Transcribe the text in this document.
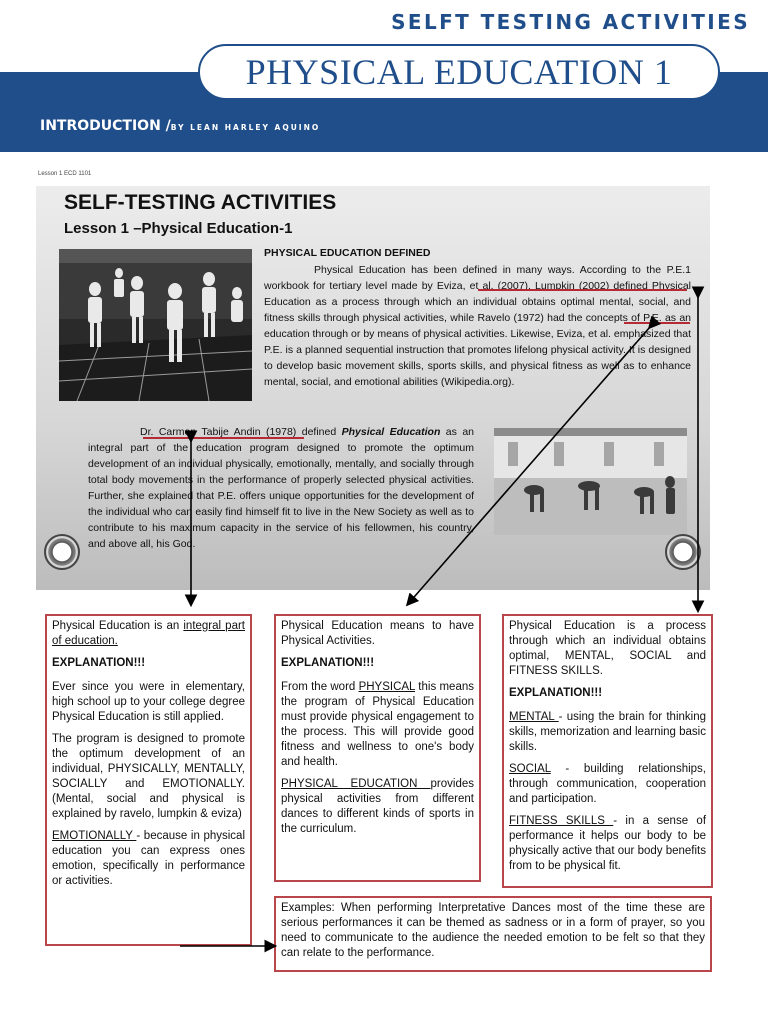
SELFT TESTING ACTIVITIES
PHYSICAL EDUCATION 1
INTRODUCTION /BY LEAN HARLEY AQUINO
Lesson 1 ECD 1101
SELF-TESTING ACTIVITIES
Lesson 1 –Physical Education-1
PHYSICAL EDUCATION DEFINED
Physical Education has been defined in many ways. According to the P.E.1 workbook for tertiary level made by Eviza, et al. (2007). Lumpkin (2002) defined Physical Education as a process through which an individual obtains optimal mental, social, and fitness skills through physical activities, while Ravelo (1972) had the concepts of P.E. as an education through or by means of physical activities. Likewise, Eviza, et al. emphasized that P.E. is a planned sequential instruction that promotes lifelong physical activity. It is designed to develop basic movement skills, sports skills, and physical fitness as well as to enhance mental, social, and emotional abilities (Wikipedia.org).
Dr. Carmen Tabije Andin (1978) defined Physical Education as an integral part of the education program designed to promote the optimum development of an individual physically, emotionally, mentally, and socially through total body movements in the performance of properly selected physical activities. Further, she explained that P.E. offers unique opportunities for the development of the individual who can easily find himself fit to live in the New Society as well as to contribute to his maximum capacity in the service of his fellowmen, his country, and above all, his God.

Physical Education is an integral part of education.

EXPLANATION!!!

Ever since you were in elementary, high school up to your college degree Physical Education is still applied.

The program is designed to promote the optimum development of an individual, PHYSICALLY, MENTALLY, SOCIALLY and EMOTIONALLY. (Mental, social and physical is explained by ravelo, lumpkin & eviza)

EMOTIONALLY - because in physical education you can express ones emotion, specifically in performance or activities.

Physical Education means to have Physical Activities.

EXPLANATION!!!

From the word PHYSICAL this means the program of Physical Education must provide physical engagement to the process. This will provide good fitness and wellness to one's body and health.

PHYSICAL EDUCATION provides physical activities from different dances to different kinds of sports in the curriculum.

Physical Education is a process through which an individual obtains optimal, MENTAL, SOCIAL and FITNESS SKILLS.

EXPLANATION!!!

MENTAL - using the brain for thinking skills, memorization and learning basic skills.

SOCIAL - building relationships, through communication, cooperation and participation.

FITNESS SKILLS - in a sense of performance it helps our body to be physically active that our body benefits from to be physical fit.

Examples: When performing Interpretative Dances most of the time these are serious performances it can be themed as sadness or in a form of prayer, so you need to communicate to the audience the needed emotion to be felt so that they can relate to the performance.
